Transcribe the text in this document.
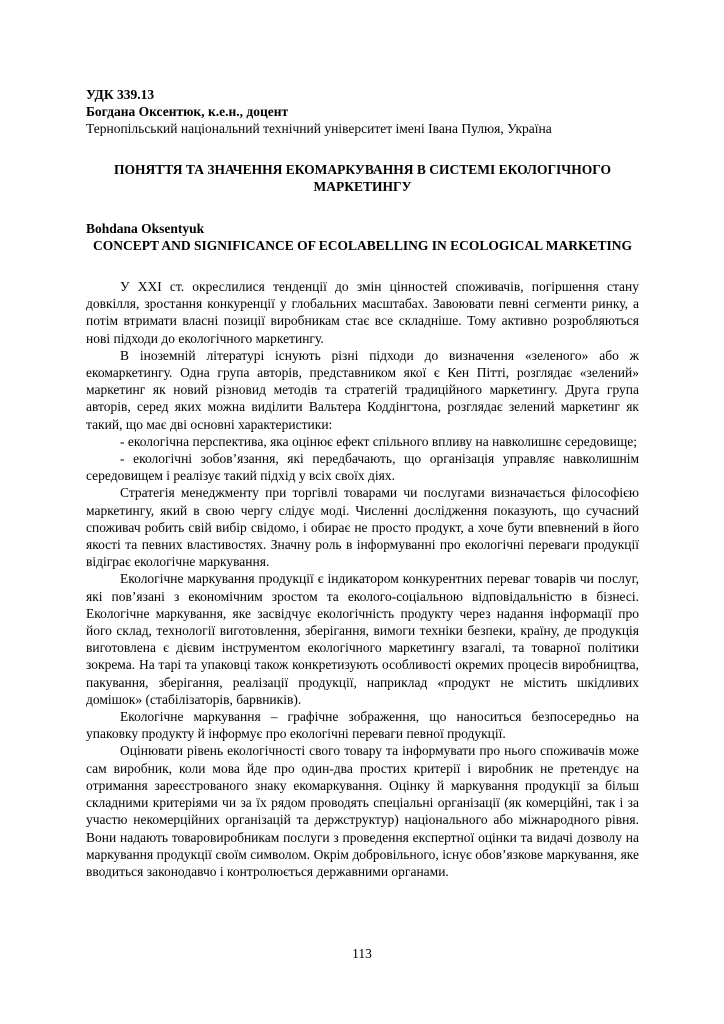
УДК 339.13

Богдана Оксентюк, к.е.н., доцент

Тернопільський національний технічний університет імені Івана Пулюя, Україна

ПОНЯТТЯ ТА ЗНАЧЕННЯ ЕКОМАРКУВАННЯ В СИСТЕМІ ЕКОЛОГІЧНОГО МАРКЕТИНГУ

Bohdana Oksentyuk

CONCEPT AND SIGNIFICANCE OF ECOLABELLING IN ECOLOGICAL MARKETING

У XXI ст. окреслилися тенденції до змін цінностей споживачів, погіршення стану довкілля, зростання конкуренції у глобальних масштабах. Завоювати певні сегменти ринку, а потім втримати власні позиції виробникам стає все складніше. Тому активно розробляються нові підходи до екологічного маркетингу.

В іноземній літературі існують різні підходи до визначення «зеленого» або ж екомаркетингу. Одна група авторів, представником якої є Кен Пітті, розглядає «зелений» маркетинг як новий різновид методів та стратегій традиційного маркетингу. Друга група авторів, серед яких можна виділити Вальтера Коддінгтона, розглядає зелений маркетинг як такий, що має дві основні характеристики:

- екологічна перспектива, яка оцінює ефект спільного впливу на навколишнє середовище;

- екологічні зобов’язання, які передбачають, що організація управляє навколишнім середовищем і реалізує такий підхід у всіх своїх діях.

Стратегія менеджменту при торгівлі товарами чи послугами визначається філософією маркетингу, який в свою чергу слідує моді. Численні дослідження показують, що сучасний споживач робить свій вибір свідомо, і обирає не просто продукт, а хоче бути впевнений в його якості та певних властивостях. Значну роль в інформуванні про екологічні переваги продукції відіграє екологічне маркування.

Екологічне маркування продукції є індикатором конкурентних переваг товарів чи послуг, які пов’язані з економічним зростом та еколого-соціальною відповідальністю в бізнесі. Екологічне маркування, яке засвідчує екологічність продукту через надання інформації про його склад, технології виготовлення, зберігання, вимоги техніки безпеки, країну, де продукція виготовлена є дієвим інструментом екологічного маркетингу взагалі, та товарної політики зокрема. На тарі та упаковці також конкретизують особливості окремих процесів виробництва, пакування, зберігання, реалізації продукції, наприклад «продукт не містить шкідливих домішок» (стабілізаторів, барвників).

Екологічне маркування – графічне зображення, що наноситься безпосередньо на упаковку продукту й інформує про екологічні переваги певної продукції.

Оцінювати рівень екологічності свого товару та інформувати про нього споживачів може сам виробник, коли мова йде про один-два простих критерії і виробник не претендує на отримання зареєстрованого знаку екомаркування. Оцінку й маркування продукції за більш складними критеріями чи за їх рядом проводять спеціальні організації (як комерційні, так і за участю некомерційних організацій та держструктур) національного або міжнародного рівня. Вони надають товаровиробникам послуги з проведення експертної оцінки та видачі дозволу на маркування продукції своїм символом. Окрім добровільного, існує обов’язкове маркування, яке вводиться законодавчо і контролюється державними органами.

113
